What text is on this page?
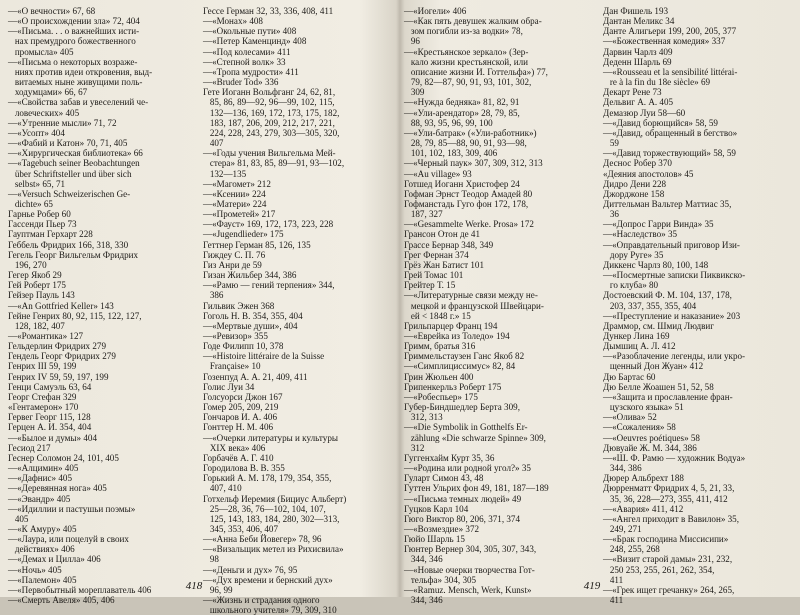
—«О вечности» 67, 68
—«О происхождении зла» 72, 404
—«Письма. . . о важнейших исти-
нах премудрого божественного
промысла» 405
—«Письма о некоторых возраже-
ниях против идеи откровения, выд-
витаемых ныне живущими поль-
ходумцами» 66, 67
—«Свойства забав и увеселений че-
ловеческих» 405
—«Утренние мысли» 71, 72
—«Усопт» 404
—«Фабий и Катон» 70, 71, 405
—«Хирургическая библиотека» 66
—«Tagebuch seiner Beobachtungen
über Schriftsteller und über sich
selbst» 65, 71
—«Versuch Schweizerischen Ge-
dichte» 65
Гарнье Робер 60
Гассенди Пьер 73
Гауптман Герхарт 228
Геббель Фридрих 166, 318, 330
Гегель Георг Вильгельм Фридрих
196, 270
Гегер Якоб 29
Гей Роберт 175
Гейзер Пауль 143
—«An Gottfried Keller» 143
Гейне Генрих 80, 92, 115, 122, 127,
128, 182, 407
—«Романтика» 127
Гельдерлин Фридрих 279
Гендель Георг Фридрих 279
Генрих III 59, 199
Генрих IV 59, 59, 197, 199
Генци Самуэль 63, 64
Георг Стефан 329
«Гентамерон» 170
Гервег Георг 115, 128
Герцен А. И. 354, 404
—«Былое и думы» 404
Гесиод 217
Геснер Соломон 24, 101, 405
—«Алцимин» 405
—«Дафнис» 405
—«Деревянная нога» 405
—«Эвандр» 405
—«Идиллии и пастушьи поэмы»
405
—«К Амуру» 405
—«Лаура, или поцелуй в своих
действиях» 406
—«Демах и Цилла» 406
—«Ночь» 405
—«Палемон» 405
—«Первобытный мореплаватель 406
—«Смерть Авеля» 405, 406
Гессе Герман 32, 33, 336, 408, 411
—«Монах» 408
—«Окольные пути» 408
—«Петер Каменцинд» 408
—«Под колесами» 411
—«Степной волк» 33
—«Тропа мудрости» 411
—«Bruder Tod» 336
Гете Иоганн Вольфганг 24, 62, 81,
85, 86, 89—92, 96—99, 102, 115,
132—136, 169, 172, 173, 175, 182,
183, 187, 206, 209, 212, 217, 221,
224, 228, 243, 279, 303—305, 320,
407
—«Годы учения Вильгельма Мей-
стера» 81, 83, 85, 89—91, 93—102,
132—135
—«Магомет» 212
—«Ксении» 224
—«Матери» 224
—«Прометей» 217
—«Фауст» 169, 172, 173, 223, 228
—«Jugendlieder» 175
Геттнер Герман 85, 126, 135
Гиждеу С. П. 76
Гиз Анри де 59
Гизан Жильбер 344, 386
—«Рамю — гений терпения» 344,
386
Гильвик Эжен 368
Гоголь Н. В. 354, 355, 404
—«Мертвые души», 404
—«Ревизор» 355
Годе Филипп 10, 378
—«Histoire littéraire de la Suisse
Française» 10
Гозенпуд А. А. 21, 409, 411
Голис Луи 34
Голсуорси Джон 167
Гомер 205, 209, 219
Гончаров И. А. 406
Гонттер Н. М. 406
—«Очерки литературы и культуры
XIX века» 406
Горбачёв А. Г. 410
Городилова В. В. 355
Горький А. М. 178, 179, 354, 355,
407, 410
Готхельф Иеремия (Бициус Альберт)
25—28, 36, 76—102, 104, 107,
125, 143, 183, 184, 280, 302—313,
345, 353, 406, 407
—«Анна Беби Йовегер» 78, 96
—«Визальщик метел из Рихисвила»
98
—«Деньги и дух» 76, 95
—«Дух времени и бернский дух»
96, 99
—«Жизнь и страдания одного
школьного учителя» 79, 309, 310
418
—«Иогели» 406
—«Как пять девушек жалким обра-
зом погибли из-за водки» 78,
96
—«Крестьянское зеркало» (Зер-
кало жизни крестьянской, или
описание жизни И. Готтельфа») 77,
79, 82—87, 90, 91, 93, 101, 302,
309
—«Нужда бедняка» 81, 82, 91
—«Ули-арендатор» 28, 79, 85,
88, 93, 95, 96, 99, 100
—«Ули-батрак» («Ули-работник»)
28, 79, 85—88, 90, 91, 93—98,
101, 102, 183, 309, 406
—«Черный паук» 307, 309, 312, 313
—«Au village» 93
Готшед Иоганн Христофер 24
Гофман Эрнст Теодор Амадей 80
Гофманстадь Гуго фон 172, 178,
187, 327
—«Gesammelte Werke. Prosa» 172
Грансон Отон де 41
Грассе Бернар 348, 349
Грег Фернан 374
Грёз Жан Батист 101
Грей Томас 101
Грейтер Т. 15
—«Литературные связи между не-
мецкой и французской Швейцари-
ей < 1848 г.» 15
Грильпарцер Франц 194
—«Еврейка из Толедо» 194
Гримм, братья 316
Гриммельстаузен Ганс Якоб 82
—«Симплициссимус» 82, 84
Грин Жюльен 400
Грипенкерльз Роберт 175
—«Робеспьер» 175
Губер-Биндшедлер Берта 309,
312, 313
—«Die Symbolik in Gotthelfs Er-
zählung «Die schwarze Spinne» 309,
312
Гуггенхайм Курт 35, 36
—«Родина или родной угол?» 35
Гуларт Симон 43, 48
Гуттен Ульрих фон 49, 181, 187—189
—«Письма темных людей» 49
Гуцков Карл 104
Гюго Виктор 80, 206, 371, 374
—«Возмездие» 372
Гюйо Шарль 15
Гюнтер Вернер 304, 305, 307, 343,
344, 346
—«Новые очерки творчества Гот-
тельфа» 304, 305
—«Ramuz. Mensch, Werk, Kunst»
344, 346
Дан Фишель 193
Дантан Меликс 34
Данте Алигьери 199, 200, 205, 377
—«Божественная комедия» 337
Дарвин Чарлз 409
Деденн Шарль 69
—«Rousseau et la sensibilité littérai-
re à la fin du 18e siècle» 69
Декарт Рене 73
Дельвиг А. А. 405
Демазюр Луи 58—60
—«Давид борющийся» 58, 59
—«Давид, обращенный в бегство»
59
—«Давид торжествующий» 58, 59
Деснос Робер 370
«Деяния апостолов» 45
Дидро Дени 228
Джорджоне 158
Диттельман Вальтер Маттиас 35,
36
—«Допрос Гарри Винда» 35
—«Наследство» 35
—«Оправдательный приговор Изи-
дору Руге» 35
Диккенс Чарлз 80, 100, 148
—«Посмертные записки Пиквикско-
го клуба» 80
Достоевский Ф. М. 104, 137, 178,
203, 337, 355, 355, 404
—«Преступление и наказание» 203
Драммор, см. Шмид Людвиг
Дункер Лина 169
Дымшиц А. Л. 412
—«Разоблачение легенды, или укро-
щенный Дон Жуан» 412
Дю Бартас 60
Дю Белле Жоашен 51, 52, 58
—«Защита и прославление фран-
цузского языка» 51
—«Олива» 52
—«Сожаления» 58
—«Oeuvres poétiques» 58
Дювуайе Ж. М. 344, 386
—«Ш. Ф. Рамю — художник Водуа»
344, 386
Дюрер Альбрехт 188
Дюрренматт Фридрих 4, 5, 21, 33,
35, 36, 228—273, 355, 411, 412
—«Авария» 411, 412
—«Ангел приходит в Вавилон» 35,
249, 271
—«Брак господина Миссисипи»
248, 255, 268
—«Визит старой дамы» 231, 232,
250 253, 255, 261, 262, 354,
411
—«Грек ищет гречанку» 264, 265,
411
419
